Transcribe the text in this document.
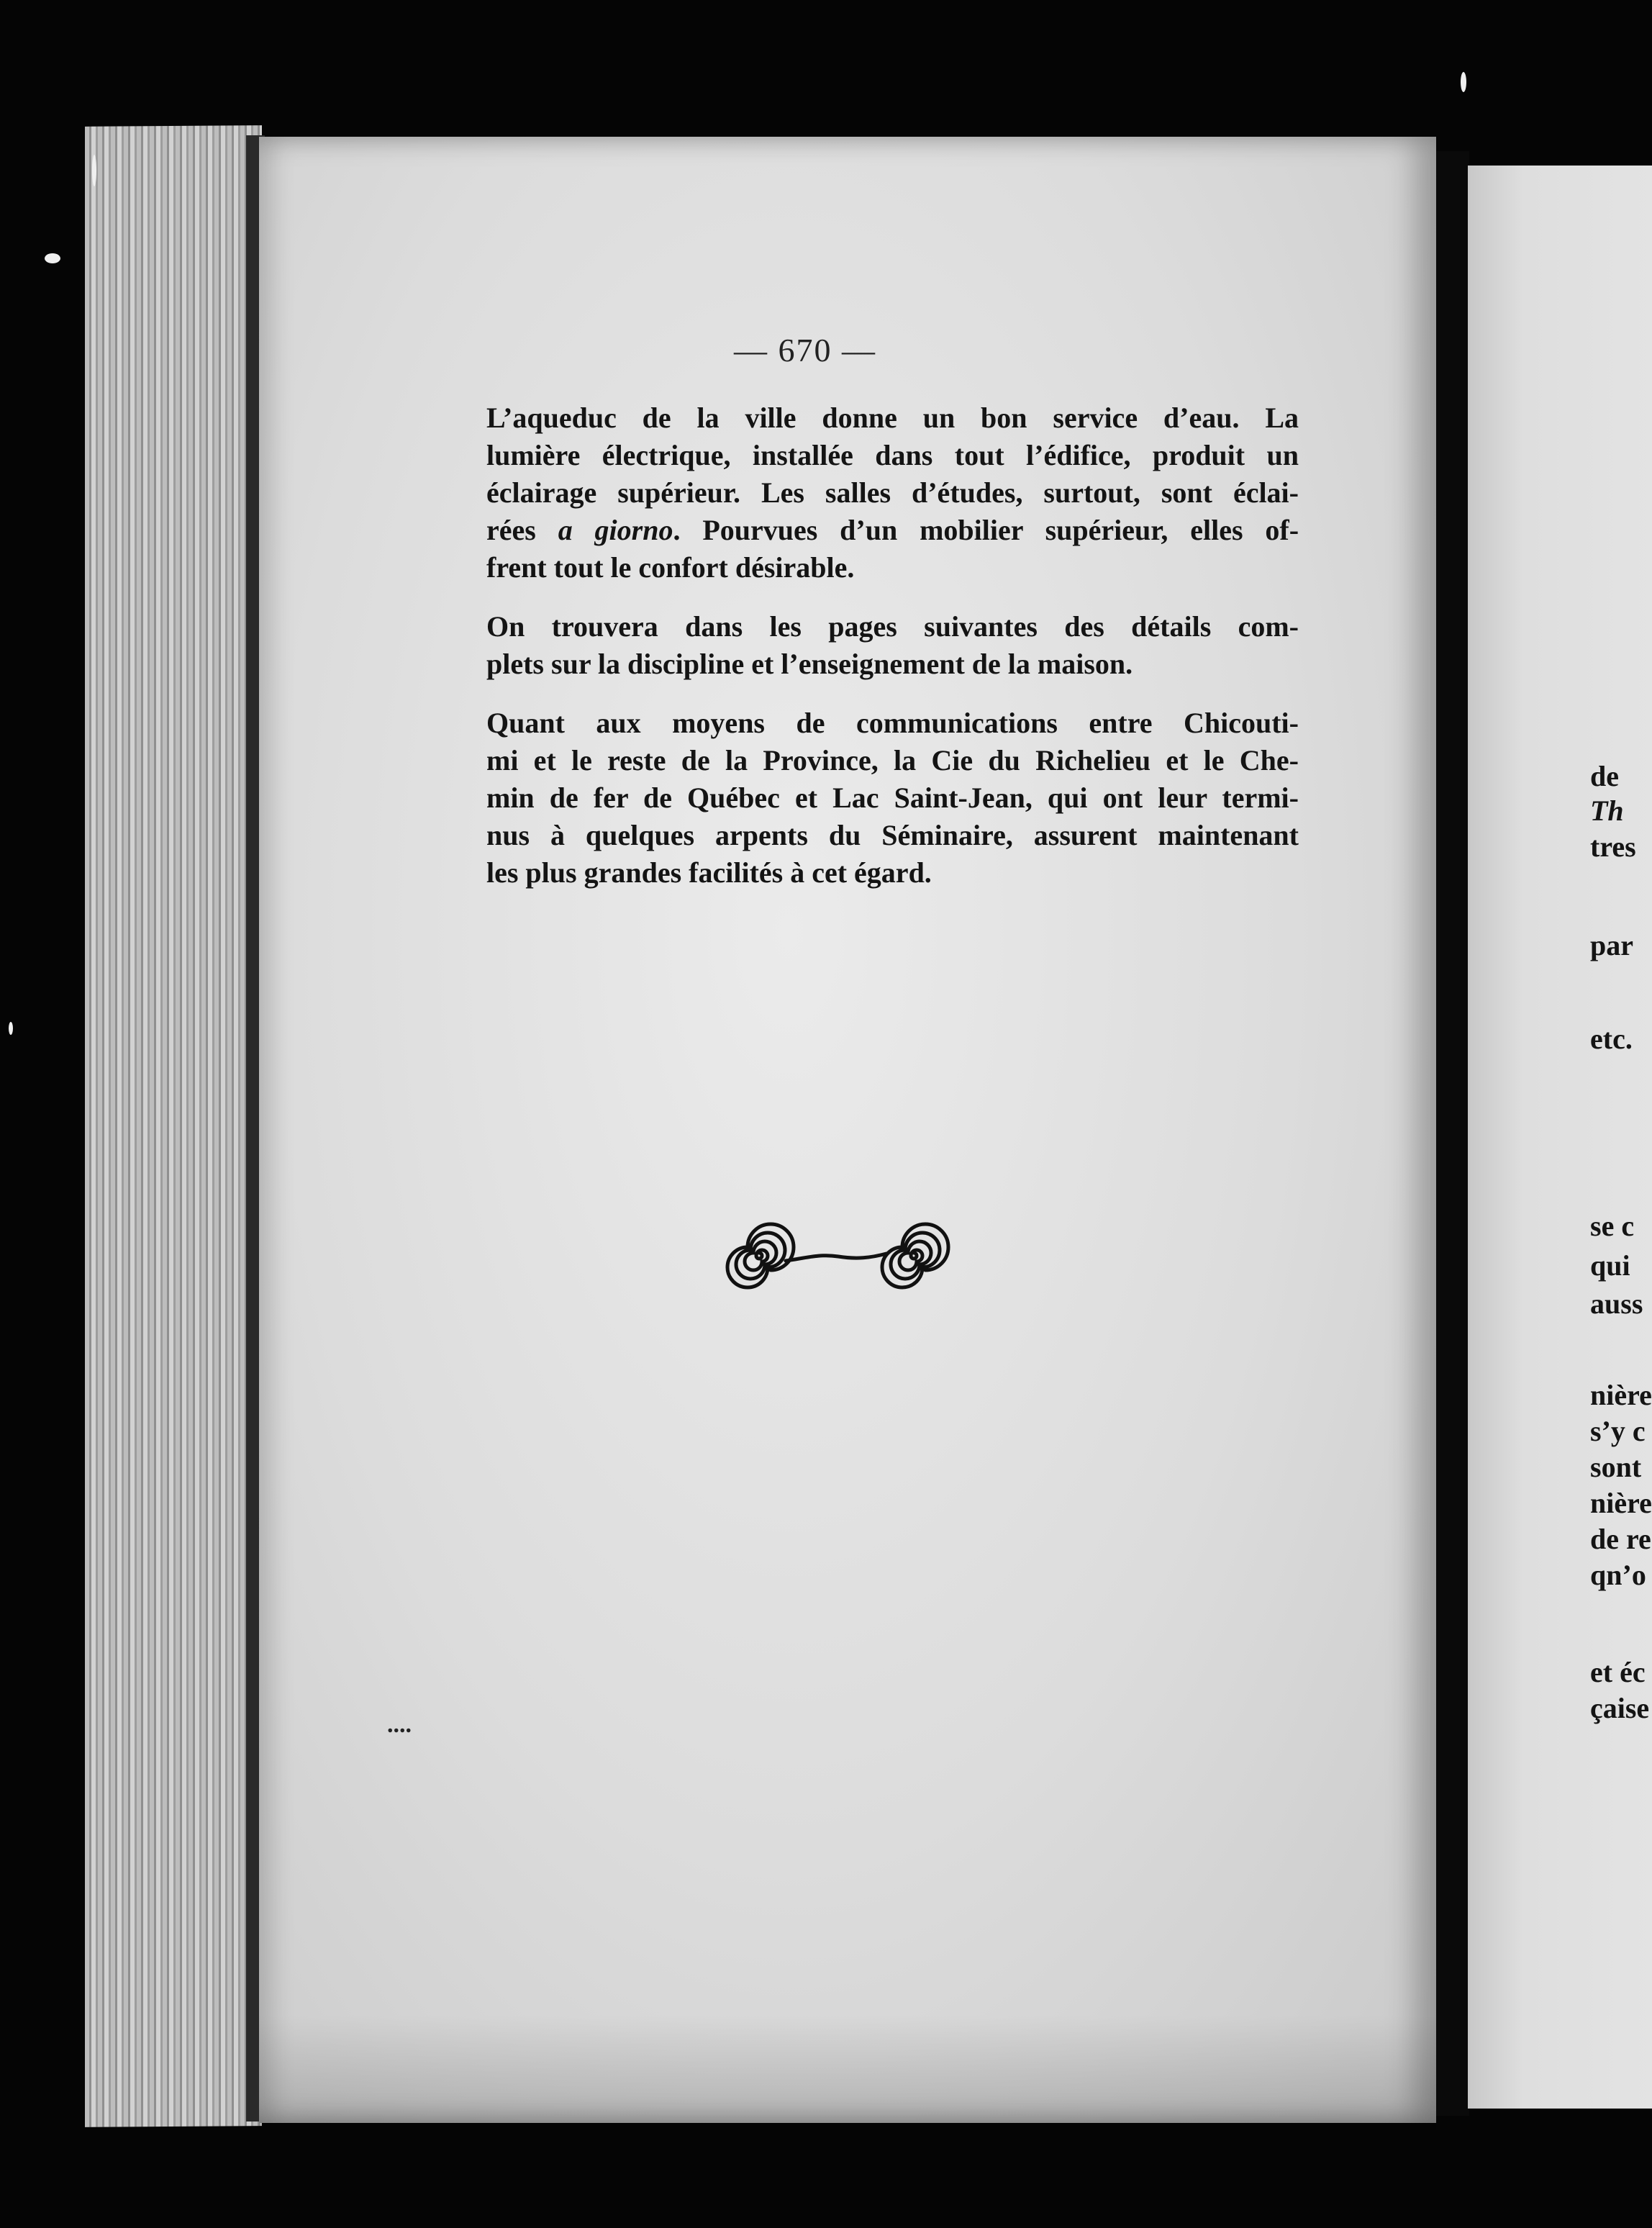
— 670 —

L’aqueduc de la ville donne un bon service d’eau. La
lumière électrique, installée dans tout l’édifice, produit un
éclairage supérieur. Les salles d’études, surtout, sont éclai-
rées a giorno. Pourvues d’un mobilier supérieur, elles of-
frent tout le confort désirable.

On trouvera dans les pages suivantes des détails com-
plets sur la discipline et l’enseignement de la maison.

Quant aux moyens de communications entre Chicouti-
mi et le reste de la Province, la Cie du Richelieu et le Che-
min de fer de Québec et Lac Saint-Jean, qui ont leur termi-
nus à quelques arpents du Séminaire, assurent maintenant
les plus grandes facilités à cet égard.

....
de
Th
tres
par
etc.
se c
qui
auss
nière
s’y c
sont
nière
de re
qn’o
et éc
çaise
